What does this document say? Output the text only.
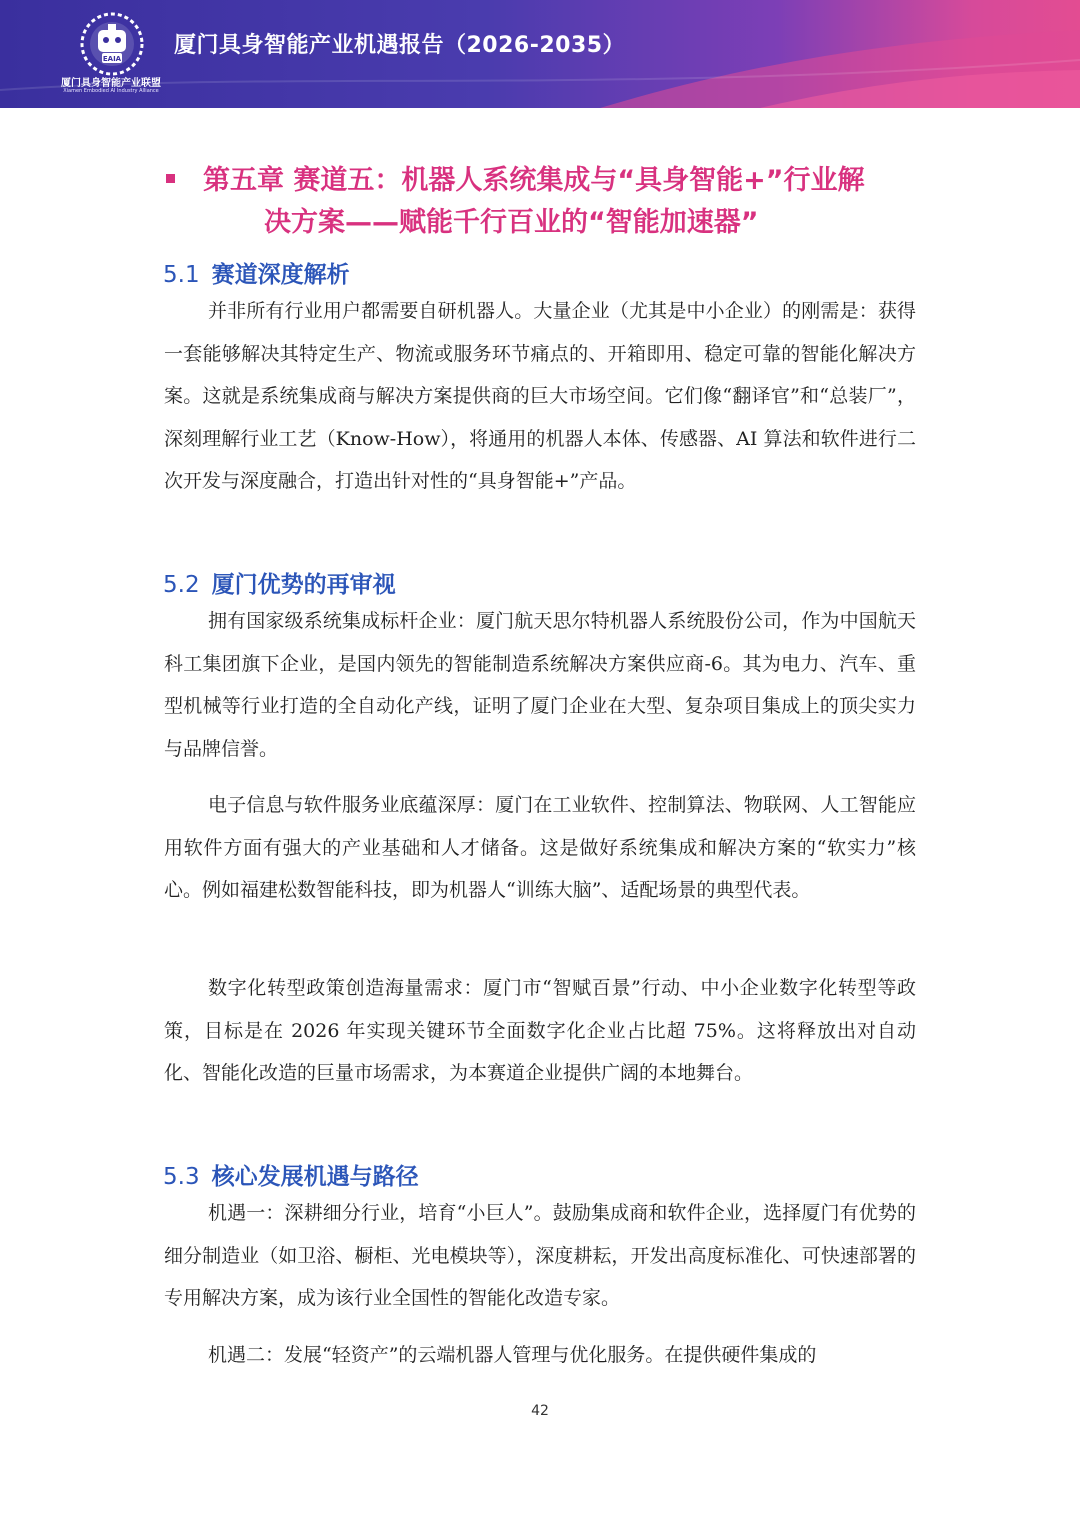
EAIA
厦门具身智能产业联盟
Xiamen Embodied AI Industry Alliance
厦门具身智能产业机遇报告（2026-2035）
第五章 赛道五：机器人系统集成与“具身智能+”行业解
决方案——赋能千行百业的“智能加速器”
5.1 赛道深度解析
并非所有行业用户都需要自研机器人。大量企业（尤其是中小企业）的刚需是：获得一套能够解决其特定生产、物流或服务环节痛点的、开箱即用、稳定可靠的智能化解决方案。这就是系统集成商与解决方案提供商的巨大市场空间。它们像“翻译官”和“总装厂”，深刻理解行业工艺（Know-How），将通用的机器人本体、传感器、AI 算法和软件进行二次开发与深度融合，打造出针对性的“具身智能+”产品。
5.2 厦门优势的再审视
拥有国家级系统集成标杆企业：厦门航天思尔特机器人系统股份公司，作为中国航天科工集团旗下企业，是国内领先的智能制造系统解决方案供应商-6。其为电力、汽车、重型机械等行业打造的全自动化产线，证明了厦门企业在大型、复杂项目集成上的顶尖实力与品牌信誉。
电子信息与软件服务业底蕴深厚：厦门在工业软件、控制算法、物联网、人工智能应用软件方面有强大的产业基础和人才储备。这是做好系统集成和解决方案的“软实力”核心。例如福建松数智能科技，即为机器人“训练大脑”、适配场景的典型代表。
数字化转型政策创造海量需求：厦门市“智赋百景”行动、中小企业数字化转型等政策，目标是在 2026 年实现关键环节全面数字化企业占比超 75%。这将释放出对自动化、智能化改造的巨量市场需求，为本赛道企业提供广阔的本地舞台。
5.3 核心发展机遇与路径
机遇一：深耕细分行业，培育“小巨人”。鼓励集成商和软件企业，选择厦门有优势的细分制造业（如卫浴、橱柜、光电模块等），深度耕耘，开发出高度标准化、可快速部署的专用解决方案，成为该行业全国性的智能化改造专家。
机遇二：发展“轻资产”的云端机器人管理与优化服务。在提供硬件集成的
42
